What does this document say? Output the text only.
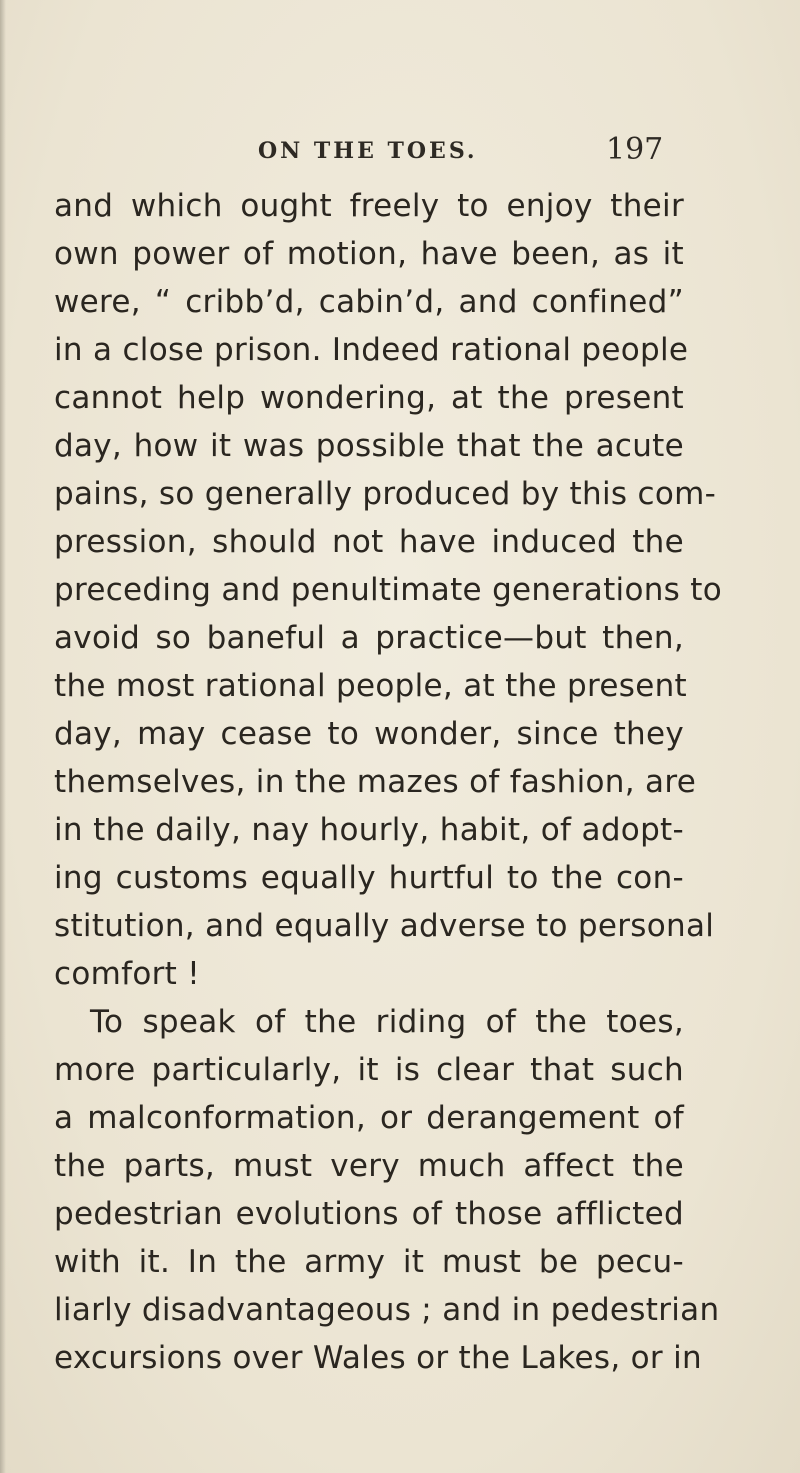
ON THE TOES.	197
and which ought freely to enjoy their
own power of motion, have been, as it
were, “ cribb’d, cabin’d, and confined”
in a close prison. Indeed rational people
cannot help wondering, at the present
day, how it was possible that the acute
pains, so generally produced by this com-
pression, should not have induced the
preceding and penultimate generations to
avoid so baneful a practice—but then,
the most rational people, at the present
day, may cease to wonder, since they
themselves, in the mazes of fashion, are
in the daily, nay hourly, habit, of adopt-
ing customs equally hurtful to the con-
stitution, and equally adverse to personal
comfort !
To speak of the riding of the toes,
more particularly, it is clear that such
a malconformation, or derangement of
the parts, must very much affect the
pedestrian evolutions of those afflicted
with it. In the army it must be pecu-
liarly disadvantageous ; and in pedestrian
excursions over Wales or the Lakes, or in
